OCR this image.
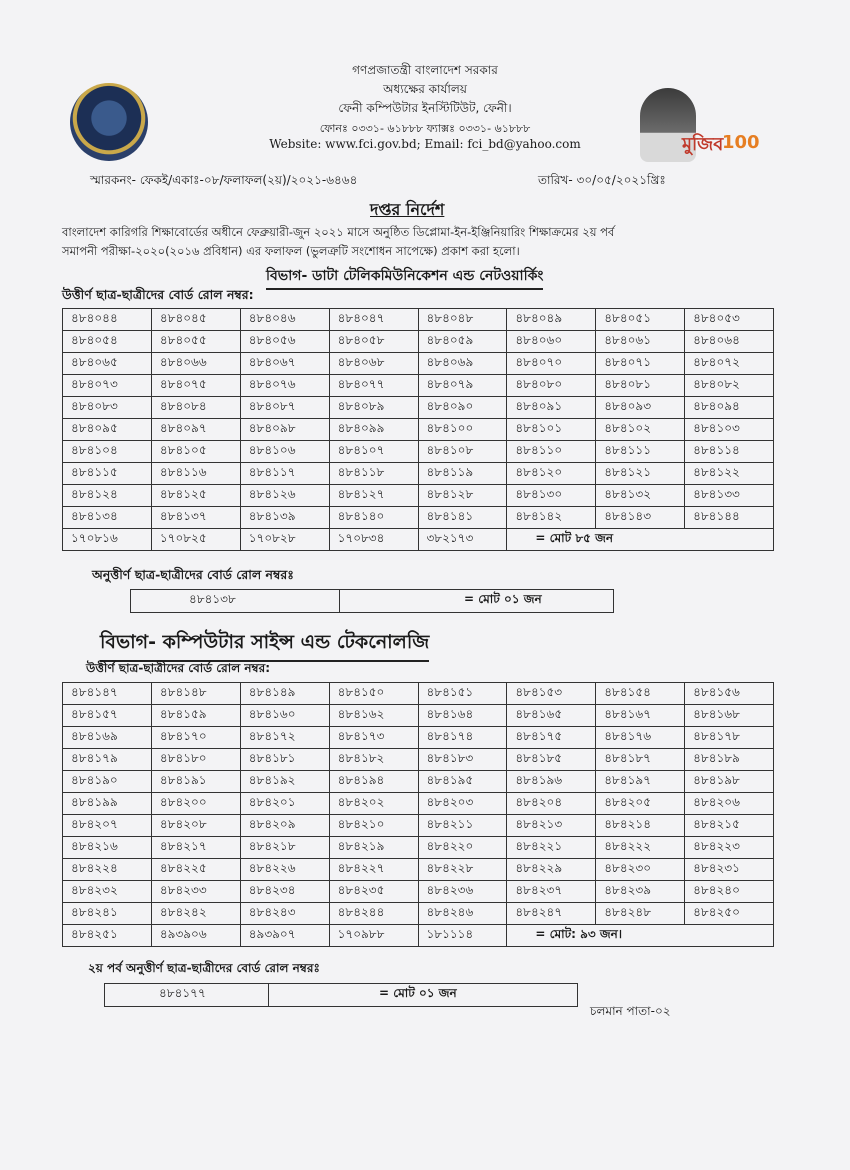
গণপ্রজাতন্ত্রী বাংলাদেশ সরকার
অধ্যক্ষের কার্যালয়
ফেনী কম্পিউটার ইনস্টিটিউট, ফেনী।
ফোনঃ ০৩৩১- ৬১৮৮৮ ফ্যাক্সঃ ০৩৩১- ৬১৮৮৮
Website: www.fci.gov.bd; Email: fci_bd@yahoo.com	মুজিব
100
স্মারকনং- ফেকই/একাঃ-০৮/ফলাফল(২য়)/২০২১-৬৪৬৪	তারিখ- ৩০/০৫/২০২১খ্রিঃ
দপ্তর নির্দেশ
বাংলাদেশ কারিগরি শিক্ষাবোর্ডের অধীনে ফেব্রুয়ারী-জুন ২০২১ মাসে অনুষ্ঠিত ডিপ্লোমা-ইন-ইঞ্জিনিয়ারিং শিক্ষাক্রমের ২য় পর্ব
সমাপনী পরীক্ষা-২০২০(২০১৬ প্রবিধান) এর ফলাফল (ভুলত্রুটি সংশোধন সাপেক্ষে) প্রকাশ করা হলো।
বিভাগ- ডাটা টেলিকমিউনিকেশন এন্ড নেটওয়ার্কিং
উত্তীর্ণ ছাত্র-ছাত্রীদের বোর্ড রোল নম্বর:
৪৮৪০৪৪	৪৮৪০৪৫	৪৮৪০৪৬	৪৮৪০৪৭	৪৮৪০৪৮	৪৮৪০৪৯	৪৮৪০৫১	৪৮৪০৫৩
৪৮৪০৫৪	৪৮৪০৫৫	৪৮৪০৫৬	৪৮৪০৫৮	৪৮৪০৫৯	৪৮৪০৬০	৪৮৪০৬১	৪৮৪০৬৪
৪৮৪০৬৫	৪৮৪০৬৬	৪৮৪০৬৭	৪৮৪০৬৮	৪৮৪০৬৯	৪৮৪০৭০	৪৮৪০৭১	৪৮৪০৭২
৪৮৪০৭৩	৪৮৪০৭৫	৪৮৪০৭৬	৪৮৪০৭৭	৪৮৪০৭৯	৪৮৪০৮০	৪৮৪০৮১	৪৮৪০৮২
৪৮৪০৮৩	৪৮৪০৮৪	৪৮৪০৮৭	৪৮৪০৮৯	৪৮৪০৯০	৪৮৪০৯১	৪৮৪০৯৩	৪৮৪০৯৪
৪৮৪০৯৫	৪৮৪০৯৭	৪৮৪০৯৮	৪৮৪০৯৯	৪৮৪১০০	৪৮৪১০১	৪৮৪১০২	৪৮৪১০৩
৪৮৪১০৪	৪৮৪১০৫	৪৮৪১০৬	৪৮৪১০৭	৪৮৪১০৮	৪৮৪১১০	৪৮৪১১১	৪৮৪১১৪
৪৮৪১১৫	৪৮৪১১৬	৪৮৪১১৭	৪৮৪১১৮	৪৮৪১১৯	৪৮৪১২০	৪৮৪১২১	৪৮৪১২২
৪৮৪১২৪	৪৮৪১২৫	৪৮৪১২৬	৪৮৪১২৭	৪৮৪১২৮	৪৮৪১৩০	৪৮৪১৩২	৪৮৪১৩৩
৪৮৪১৩৪	৪৮৪১৩৭	৪৮৪১৩৯	৪৮৪১৪০	৪৮৪১৪১	৪৮৪১৪২	৪৮৪১৪৩	৪৮৪১৪৪
১৭০৮১৬	১৭০৮২৫	১৭০৮২৮	১৭০৮৩৪	৩৮২১৭৩	= মোট ৮৫ জন		
অনুত্তীর্ণ ছাত্র-ছাত্রীদের বোর্ড রোল নম্বরঃ
৪৮৪১৩৮	= মোট ০১ জন
বিভাগ- কম্পিউটার সাইন্স এন্ড টেকনোলজি
উত্তীর্ণ ছাত্র-ছাত্রীদের বোর্ড রোল নম্বর:
৪৮৪১৪৭	৪৮৪১৪৮	৪৮৪১৪৯	৪৮৪১৫০	৪৮৪১৫১	৪৮৪১৫৩	৪৮৪১৫৪	৪৮৪১৫৬
৪৮৪১৫৭	৪৮৪১৫৯	৪৮৪১৬০	৪৮৪১৬২	৪৮৪১৬৪	৪৮৪১৬৫	৪৮৪১৬৭	৪৮৪১৬৮
৪৮৪১৬৯	৪৮৪১৭০	৪৮৪১৭২	৪৮৪১৭৩	৪৮৪১৭৪	৪৮৪১৭৫	৪৮৪১৭৬	৪৮৪১৭৮
৪৮৪১৭৯	৪৮৪১৮০	৪৮৪১৮১	৪৮৪১৮২	৪৮৪১৮৩	৪৮৪১৮৫	৪৮৪১৮৭	৪৮৪১৮৯
৪৮৪১৯০	৪৮৪১৯১	৪৮৪১৯২	৪৮৪১৯৪	৪৮৪১৯৫	৪৮৪১৯৬	৪৮৪১৯৭	৪৮৪১৯৮
৪৮৪১৯৯	৪৮৪২০০	৪৮৪২০১	৪৮৪২০২	৪৮৪২০৩	৪৮৪২০৪	৪৮৪২০৫	৪৮৪২০৬
৪৮৪২০৭	৪৮৪২০৮	৪৮৪২০৯	৪৮৪২১০	৪৮৪২১১	৪৮৪২১৩	৪৮৪২১৪	৪৮৪২১৫
৪৮৪২১৬	৪৮৪২১৭	৪৮৪২১৮	৪৮৪২১৯	৪৮৪২২০	৪৮৪২২১	৪৮৪২২২	৪৮৪২২৩
৪৮৪২২৪	৪৮৪২২৫	৪৮৪২২৬	৪৮৪২২৭	৪৮৪২২৮	৪৮৪২২৯	৪৮৪২৩০	৪৮৪২৩১
৪৮৪২৩২	৪৮৪২৩৩	৪৮৪২৩৪	৪৮৪২৩৫	৪৮৪২৩৬	৪৮৪২৩৭	৪৮৪২৩৯	৪৮৪২৪০
৪৮৪২৪১	৪৮৪২৪২	৪৮৪২৪৩	৪৮৪২৪৪	৪৮৪২৪৬	৪৮৪২৪৭	৪৮৪২৪৮	৪৮৪২৫০
৪৮৪২৫১	৪৯৩৯০৬	৪৯৩৯০৭	১৭০৯৮৮	১৮১১১৪	= মোট: ৯৩ জন।		
২য় পর্ব অনুত্তীর্ণ ছাত্র-ছাত্রীদের বোর্ড রোল নম্বরঃ
৪৮৪১৭৭	= মোট ০১ জন
চলমান পাতা-০২
